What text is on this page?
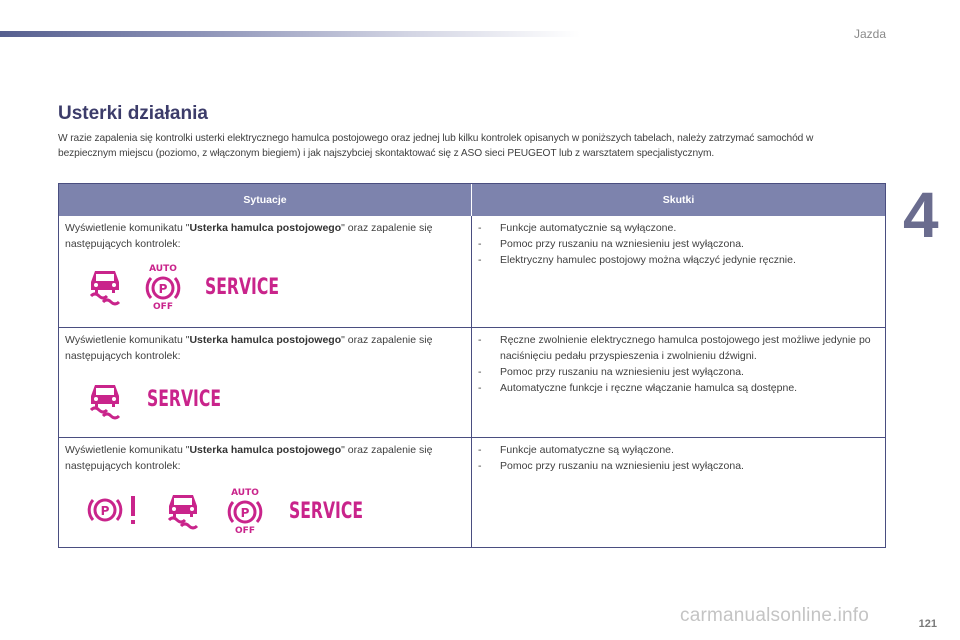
Jazda
4
Usterki działania

W razie zapalenia się kontrolki usterki elektrycznego hamulca postojowego oraz jednej lub kilku kontrolek opisanych w poniższych tabelach, należy zatrzymać samochód w bezpiecznym miejscu (poziomo, z włączonym biegiem) i jak najszybciej skontaktować się z ASO sieci PEUGEOT lub z warsztatem specjalistycznym.

Sytuacje	Skutki
Wyświetlenie komunikatu "Usterka hamulca postojowego" oraz zapalenie się następujących kontrolek:
AUTO
P
OFF
SERVICE
- Funkcje automatycznie są wyłączone.
- Pomoc przy ruszaniu na wzniesieniu jest wyłączona.
- Elektryczny hamulec postojowy można włączyć jedynie ręcznie.
Wyświetlenie komunikatu "Usterka hamulca postojowego" oraz zapalenie się następujących kontrolek:
SERVICE
- Ręczne zwolnienie elektrycznego hamulca postojowego jest możliwe jedynie po naciśnięciu pedału przyspieszenia i zwolnieniu dźwigni.
- Pomoc przy ruszaniu na wzniesieniu jest wyłączona.
- Automatyczne funkcje i ręczne włączanie hamulca są dostępne.
Wyświetlenie komunikatu "Usterka hamulca postojowego" oraz zapalenie się następujących kontrolek:
P
AUTO
P
OFF
SERVICE
- Funkcje automatyczne są wyłączone.
- Pomoc przy ruszaniu na wzniesieniu jest wyłączona.
carmanualsonline.info	121
